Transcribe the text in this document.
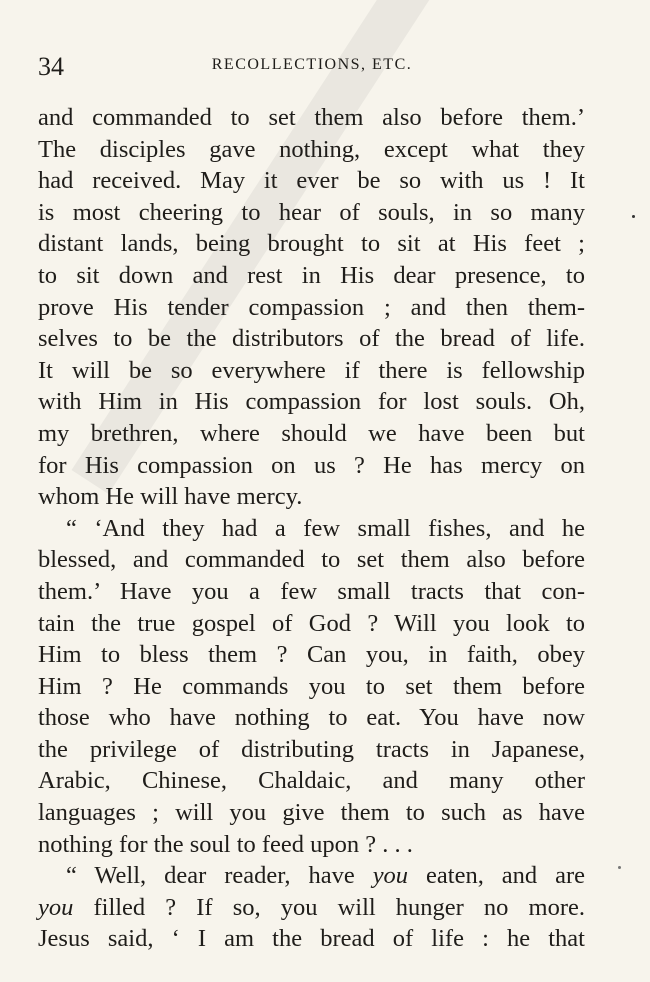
34	RECOLLECTIONS, ETC.
and commanded to set them also before them.’
The disciples gave nothing, except what they
had received. May it ever be so with us ! It
is most cheering to hear of souls, in so many
distant lands, being brought to sit at His feet ;
to sit down and rest in His dear presence, to
prove His tender compassion ; and then them-
selves to be the distributors of the bread of life.
It will be so everywhere if there is fellowship
with Him in His compassion for lost souls. Oh,
my brethren, where should we have been but
for His compassion on us ? He has mercy on
whom He will have mercy.
“ ‘And they had a few small fishes, and he
blessed, and commanded to set them also before
them.’ Have you a few small tracts that con-
tain the true gospel of God ? Will you look to
Him to bless them ? Can you, in faith, obey
Him ? He commands you to set them before
those who have nothing to eat. You have now
the privilege of distributing tracts in Japanese,
Arabic, Chinese, Chaldaic, and many other
languages ; will you give them to such as have
nothing for the soul to feed upon ? . . .
“ Well, dear reader, have you eaten, and are
you filled ? If so, you will hunger no more.
Jesus said, ‘ I am the bread of life : he that
